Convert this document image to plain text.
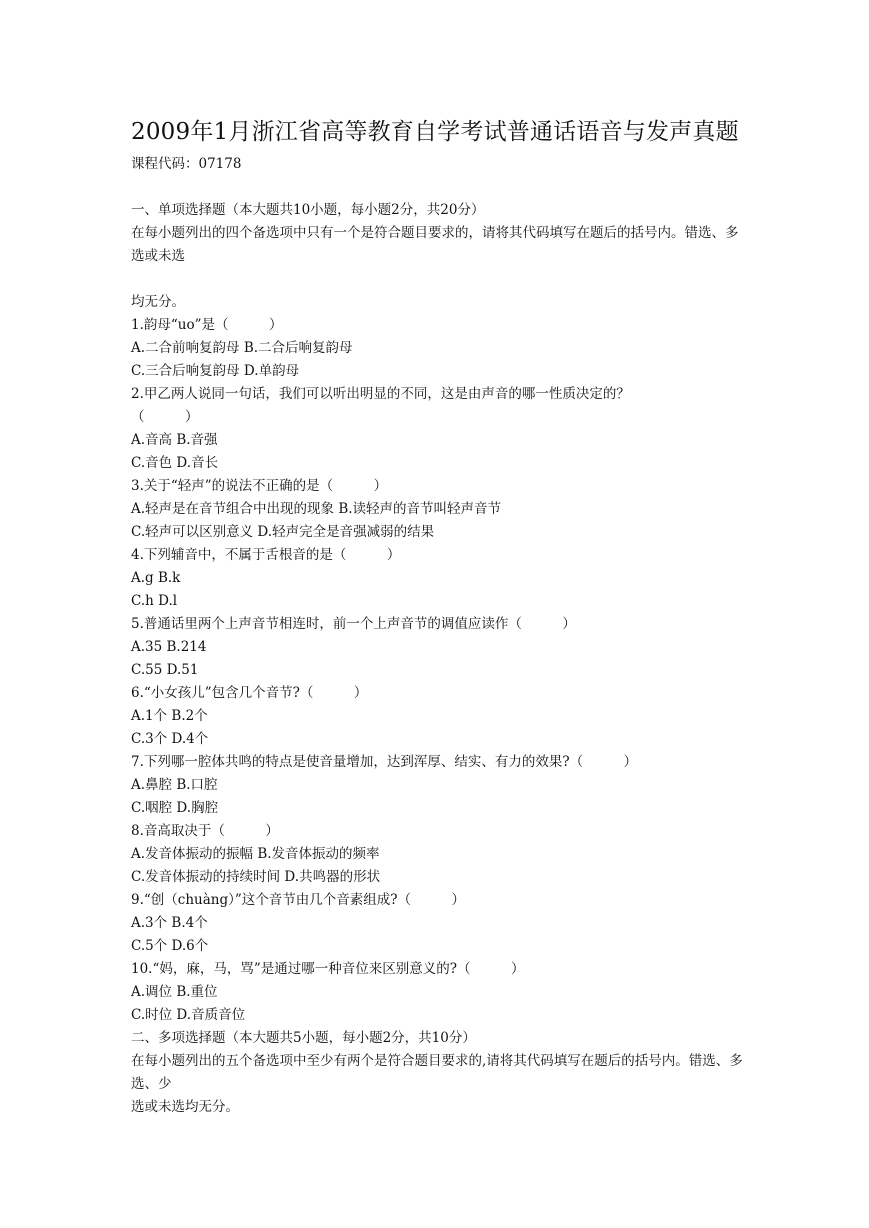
2009年1月浙江省高等教育自学考试普通话语音与发声真题
课程代码：07178
一、单项选择题（本大题共10小题，每小题2分，共20分）
在每小题列出的四个备选项中只有一个是符合题目要求的，请将其代码填写在题后的括号内。错选、多选或未选
均无分。
1.韵母“uo”是（　　　）
A.二合前响复韵母 B.二合后响复韵母
C.三合后响复韵母 D.单韵母
2.甲乙两人说同一句话，我们可以听出明显的不同，这是由声音的哪一性质决定的？
（　　　）
A.音高 B.音强
C.音色 D.音长
3.关于“轻声”的说法不正确的是（　　　）
A.轻声是在音节组合中出现的现象 B.读轻声的音节叫轻声音节
C.轻声可以区别意义 D.轻声完全是音强减弱的结果
4.下列辅音中，不属于舌根音的是（　　　）
A.g B.k
C.h D.l
5.普通话里两个上声音节相连时，前一个上声音节的调值应读作（　　　）
A.35 B.214
C.55 D.51
6.“小女孩儿”包含几个音节?（　　　）
A.1个 B.2个
C.3个 D.4个
7.下列哪一腔体共鸣的特点是使音量增加，达到浑厚、结实、有力的效果?（　　　）
A.鼻腔 B.口腔
C.咽腔 D.胸腔
8.音高取决于（　　　）
A.发音体振动的振幅 B.发音体振动的频率
C.发音体振动的持续时间 D.共鸣器的形状
9.“创（chuàng）”这个音节由几个音素组成?（　　　）
A.3个 B.4个
C.5个 D.6个
10.“妈，麻，马，骂”是通过哪一种音位来区别意义的?（　　　）
A.调位 B.重位
C.时位 D.音质音位
二、多项选择题（本大题共5小题，每小题2分，共10分）
在每小题列出的五个备选项中至少有两个是符合题目要求的,请将其代码填写在题后的括号内。错选、多选、少
选或未选均无分。
